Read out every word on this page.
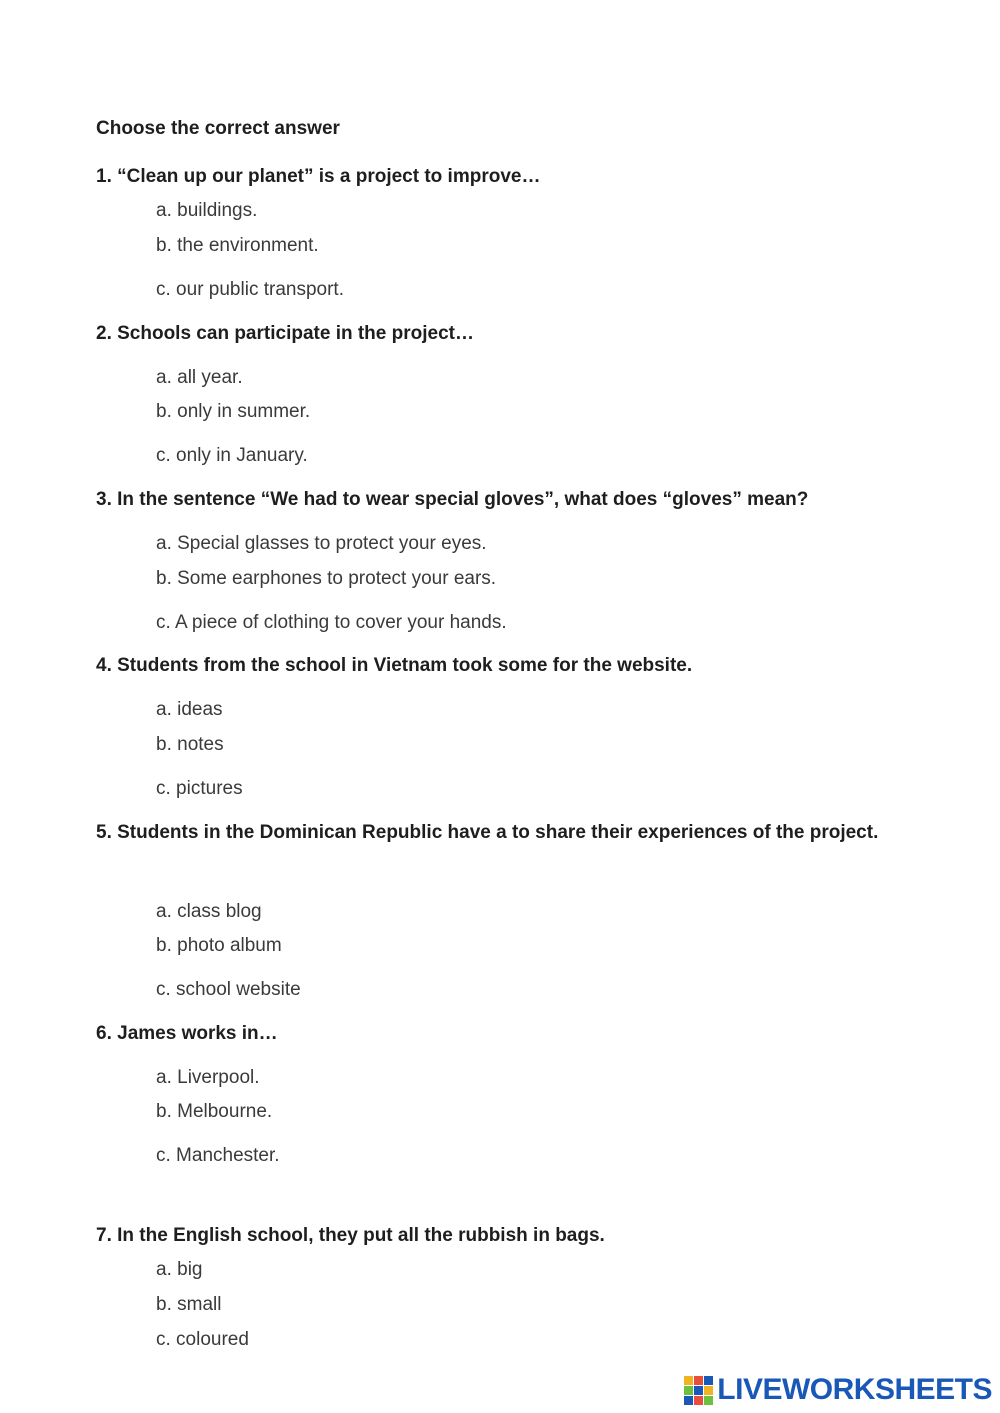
Choose the correct answer
1. “Clean up our planet” is a project to improve…
a. buildings.
b. the environment.
c. our public transport.
2. Schools can participate in the project…
a. all year.
b. only in summer.
c. only in January.
3. In the sentence “We had to wear special gloves”, what does “gloves” mean?
a. Special glasses to protect your eyes.
b. Some earphones to protect your ears.
c. A piece of clothing to cover your hands.
4. Students from the school in Vietnam took some for the website.
a. ideas
b. notes
c. pictures
5. Students in the Dominican Republic have a to share their experiences of the project.
a. class blog
b. photo album
c. school website
6. James works in…
a. Liverpool.
b. Melbourne.
c. Manchester.
7. In the English school, they put all the rubbish in bags.
a. big
b. small
c. coloured
LIVEWORKSHEETS
